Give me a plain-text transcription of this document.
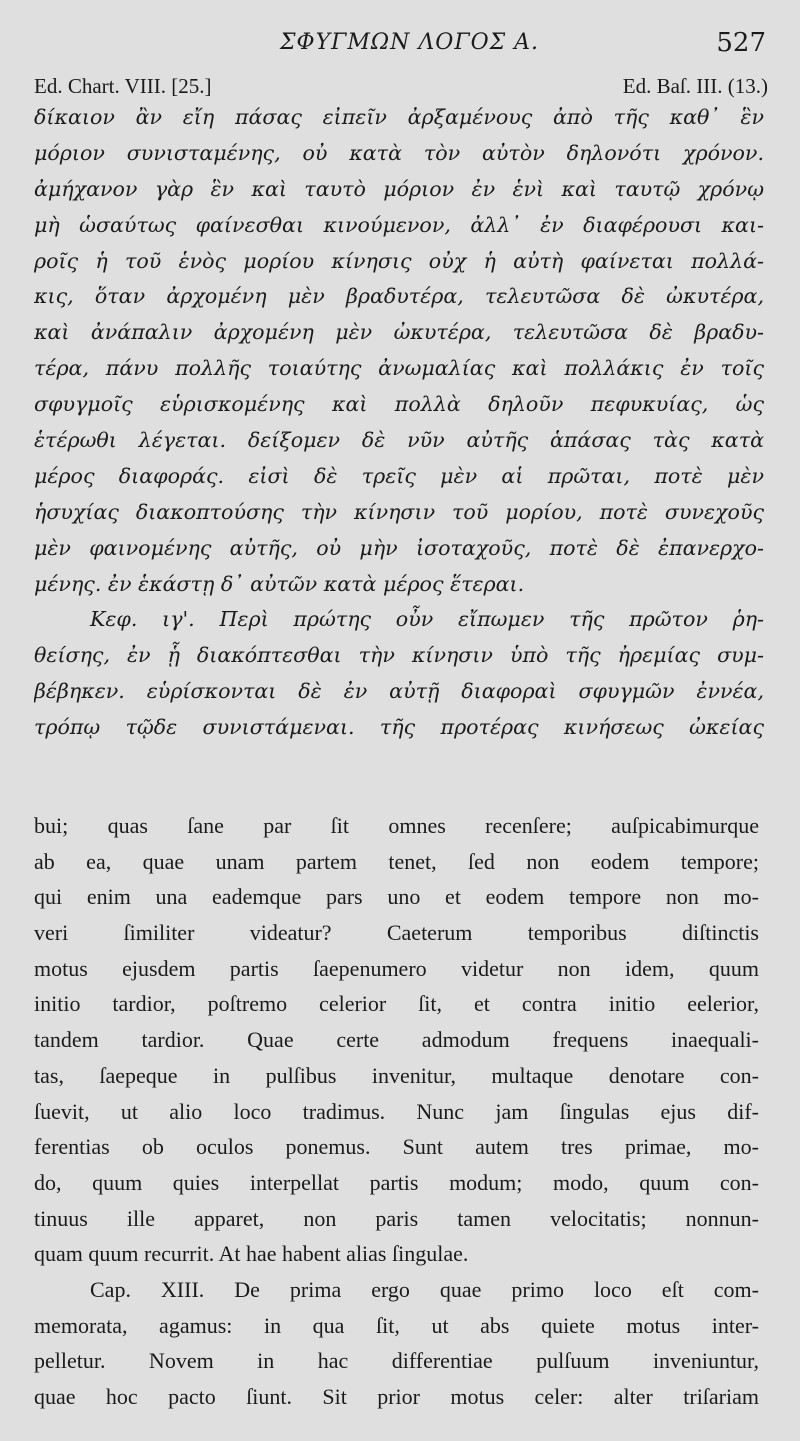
ΣΦΥΓΜΩΝ ΛΟΓΟΣ Α.	527
Ed. Chart. VIII. [25.]	Ed. Baſ. III. (13.)
δίκαιον ἂν εἴη πάσας εἰπεῖν ἀρξαμένους ἀπὸ τῆς καθ᾽ ἓν
μόριον συνισταμένης, οὐ κατὰ τὸν αὐτὸν δηλονότι χρόνον.
ἀμήχανον γὰρ ἓν καὶ ταυτὸ μόριον ἐν ἑνὶ καὶ ταυτῷ χρόνῳ
μὴ ὡσαύτως φαίνεσθαι κινούμενον, ἀλλ᾽ ἐν διαφέρουσι και-
ροῖς ἡ τοῦ ἑνὸς μορίου κίνησις οὐχ ἡ αὐτὴ φαίνεται πολλά-
κις, ὅταν ἀρχομένη μὲν βραδυτέρα, τελευτῶσα δὲ ὠκυτέρα,
καὶ ἀνάπαλιν ἀρχομένη μὲν ὠκυτέρα, τελευτῶσα δὲ βραδυ-
τέρα, πάνυ πολλῆς τοιαύτης ἀνωμαλίας καὶ πολλάκις ἐν τοῖς
σφυγμοῖς εὑρισκομένης καὶ πολλὰ δηλοῦν πεφυκυίας, ὡς
ἑτέρωθι λέγεται. δείξομεν δὲ νῦν αὐτῆς ἁπάσας τὰς κατὰ
μέρος διαφοράς. εἰσὶ δὲ τρεῖς μὲν αἱ πρῶται, ποτὲ μὲν
ἡσυχίας διακοπτούσης τὴν κίνησιν τοῦ μορίου, ποτὲ συνεχοῦς
μὲν φαινομένης αὐτῆς, οὐ μὴν ἰσοταχοῦς, ποτὲ δὲ ἐπανερχο-
μένης. ἐν ἑκάστῃ δ᾽ αὐτῶν κατὰ μέρος ἕτεραι.
Κεφ. ιγ'. Περὶ πρώτης οὖν εἴπωμεν τῆς πρῶτον ῥη-
θείσης, ἐν ᾗ διακόπτεσθαι τὴν κίνησιν ὑπὸ τῆς ἠρεμίας συμ-
βέβηκεν. εὑρίσκονται δὲ ἐν αὐτῇ διαφοραὶ σφυγμῶν ἐννέα,
τρόπῳ τῷδε συνιστάμεναι. τῆς προτέρας κινήσεως ὠκείας
bui; quas ſane par ſit omnes recenſere; auſpicabimurque
ab ea, quae unam partem tenet, ſed non eodem tempore;
qui enim una eademque pars uno et eodem tempore non mo-
veri ſimiliter videatur? Caeterum temporibus diſtinctis
motus ejusdem partis ſaepenumero videtur non idem, quum
initio tardior, poſtremo celerior ſit, et contra initio eelerior,
tandem tardior. Quae certe admodum frequens inaequali-
tas, ſaepeque in pulſibus invenitur, multaque denotare con-
ſuevit, ut alio loco tradimus. Nunc jam ſingulas ejus dif-
ferentias ob oculos ponemus. Sunt autem tres primae, mo-
do, quum quies interpellat partis modum; modo, quum con-
tinuus ille apparet, non paris tamen velocitatis; nonnun-
quam quum recurrit. At hae habent alias ſingulae.
Cap. XIII. De prima ergo quae primo loco eſt com-
memorata, agamus: in qua ſit, ut abs quiete motus inter-
pelletur. Novem in hac differentiae pulſuum inveniuntur,
quae hoc pacto ſiunt. Sit prior motus celer: alter triſariam
